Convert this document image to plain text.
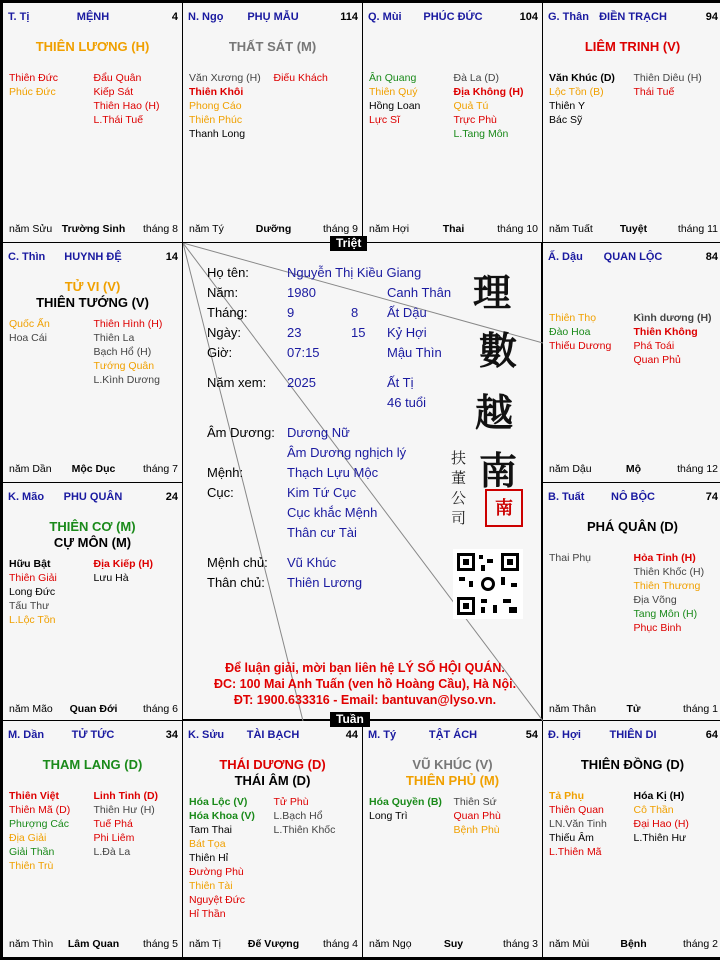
MỆNH
T. Tị	4
THIÊN LƯƠNG (H)
Thiên Đức
Phúc Đức
Đẩu Quân
Kiếp Sát
Thiên Hao (H)
L.Thái Tuế
năm Sửu Trường Sinh	tháng 8
PHỤ MẪU
N. Ngọ	114
THẤT SÁT (M)
Văn Xương (H)
Thiên Khôi
Phong Cáo
Thiên Phúc
Thanh Long
Điếu Khách
năm Tý	Dưỡng	tháng 9
PHÚC ĐỨC
Q. Mùi	104
Ân Quang
Thiên Quý
Hồng Loan
Lực Sĩ
Đà La (D)
Địa Không (H)
Quả Tú
Trực Phù
L.Tang Môn
năm Hợi	Thai	tháng 10
ĐIỀN TRẠCH
G. Thân	94
LIÊM TRINH (V)
Văn Khúc (D)
Lộc Tồn (B)
Thiên Y
Bác Sỹ
Thiên Diêu (H)
Thái Tuế
năm Tuất	Tuyệt	tháng 11
HUYNH ĐỆ
C. Thìn	14
TỬ VI (V)
THIÊN TƯỚNG (V)
Quốc Ấn
Hoa Cái
Thiên Hình (H)
Thiên La
Bạch Hổ (H)
Tướng Quân
L.Kình Dương
năm Dần	Mộc Dục	tháng 7
QUAN LỘC
Ấ. Dậu	84
Thiên Thọ
Đào Hoa
Thiếu Dương
Kình dương (H)
Thiên Không
Phá Toái
Quan Phủ
năm Dậu	Mộ	tháng 12
PHU QUÂN
K. Mão	24
THIÊN CƠ (M)
CỰ MÔN (M)
Hữu Bật
Thiên Giải
Long Đức
Tấu Thư
L.Lộc Tồn
Địa Kiếp (H)
Lưu Hà
năm Mão	Quan Đới	tháng 6
NÔ BỘC
B. Tuất	74
PHÁ QUÂN (D)
Thai Phụ	Hỏa Tinh (H)
Thiên Khốc (H)
Thiên Thương
Địa Võng
Tang Môn (H)
Phục Binh
năm Thân	Tử	tháng 1
TỬ TỨC
M. Dần	34
THAM LANG (D)
Thiên Việt
Thiên Mã (D)
Phượng Các
Địa Giải
Giải Thần
Thiên Trù
Linh Tinh (D)
Thiên Hư (H)
Tuế Phá
Phi Liêm
L.Đà La
năm Thìn	Lâm Quan	tháng 5
TÀI BẠCH
K. Sửu	44
THÁI DƯƠNG (D)
THÁI ÂM (D)
Hóa Lộc (V)
Hóa Khoa (V)
Tam Thai
Bát Tọa
Thiên Hỉ
Đường Phù
Thiên Tài
Nguyệt Đức
Hỉ Thần
Tử Phù
L.Bạch Hổ
L.Thiên Khốc
năm Tị	Đế Vượng	tháng 4
TẬT ÁCH
M. Tý	54
VŨ KHÚC (V)
THIÊN PHỦ (M)
Hóa Quyền (B)
Long Trì
Thiên Sứ
Quan Phù
Bệnh Phù
năm Ngọ	Suy	tháng 3
THIÊN DI
Đ. Hợi	64
THIÊN ĐỒNG (D)
Tả Phụ
Thiên Quan
LN.Văn Tinh
Thiếu Âm
L.Thiên Mã
Hóa Kị (H)
Cô Thần
Đại Hao (H)
L.Thiên Hư
năm Mùi	Bệnh	tháng 2
Họ tên:	Nguyễn Thị Kiều Giang
Năm:	1980	Canh Thân
Tháng:	9	8 Ất Dậu
Ngày:	23	15 Kỷ Hợi
Giờ:	07:15	Mậu Thìn
Năm xem: 2025	Ất Tị
46 tuổi
Âm Dương: Dương Nữ
Âm Dương nghịch lý
Mệnh:	Thạch Lựu Mộc
Cục:	Kim Tứ Cục
Cục khắc Mệnh
Thân cư Tài
Mệnh chủ: Vũ Khúc
Thân chủ: Thiên Lương
理
數
越
南
扶
董
公
司	南
Để luận giải, mời bạn liên hệ LÝ SỐ HỘI QUÁN.
ĐC: 100 Mai Anh Tuấn (ven hồ Hoàng Cầu), Hà Nội.
ĐT: 1900.633316 - Email: bantuvan@lyso.vn.
Triệt
Tuần
